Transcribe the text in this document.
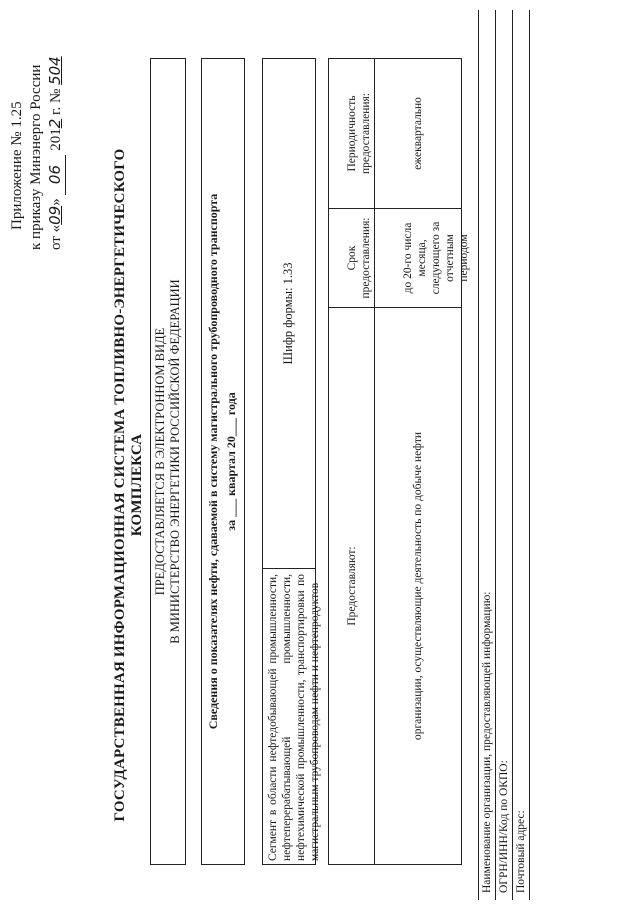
Приложение № 1.25 к приказу Минэнерго России от «09» 06 2012 г. № 504
ГОСУДАРСТВЕННАЯ ИНФОРМАЦИОННАЯ СИСТЕМА ТОПЛИВНО-ЭНЕРГЕТИЧЕСКОГО КОМПЛЕКСА ПРЕДОСТАВЛЯЕТСЯ В ЭЛЕКТРОННОМ ВИДЕ В МИНИСТЕРСТВО ЭНЕРГЕТИКИ РОССИЙСКОЙ ФЕДЕРАЦИИ Сведения о показателях нефти, сдаваемой в систему магистрального трубопроводного транспорта за ___ квартал 20___ года
Сегмент в области нефтедобывающей промышленности, нефтеперерабатывающей промышленности, нефтехимической промышленности, транспортировки по магистральным трубопроводам нефти и нефтепродуктов
Шифр формы: 1.33
Предоставляют:
Срок предоставления:
Периодичность предоставления:
организации, осуществляющие деятельность по добыче нефти
до 20-го числа месяца, следующего за отчетным периодом
ежеквартально
Наименование организации, предоставляющей информацию: ОГРН/ИНН/Код по ОКПО: Почтовый адрес:
